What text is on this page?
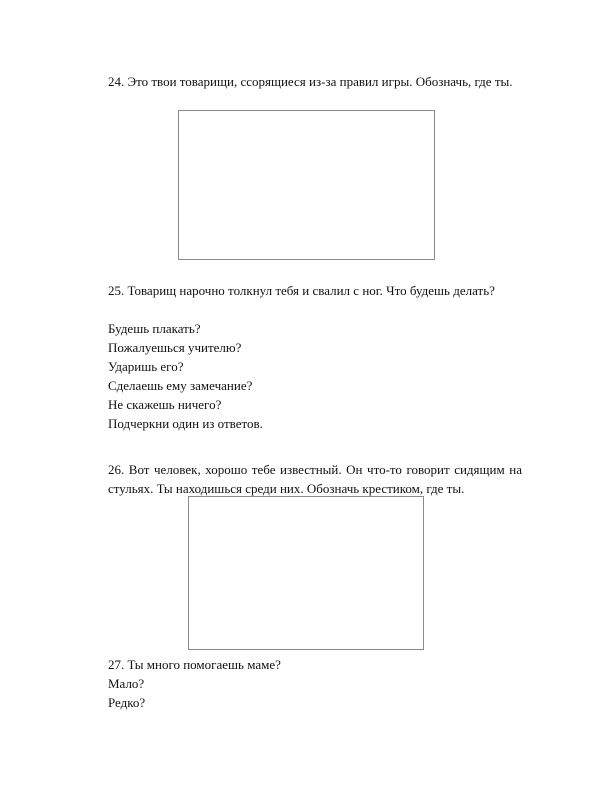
24. Это твои товарищи, ссорящиеся из-за правил игры. Обозначь, где ты.
25. Товарищ нарочно толкнул тебя и свалил с ног. Что будешь делать?
Будешь плакать?
Пожалуешься учителю?
Ударишь его?
Сделаешь ему замечание?
Не скажешь ничего?
Подчеркни один из ответов.
26. Вот человек, хорошо тебе известный. Он что-то говорит сидящим на стульях. Ты находишься среди них. Обозначь крестиком, где ты.
27. Ты много помогаешь маме?
Мало?
Редко?
